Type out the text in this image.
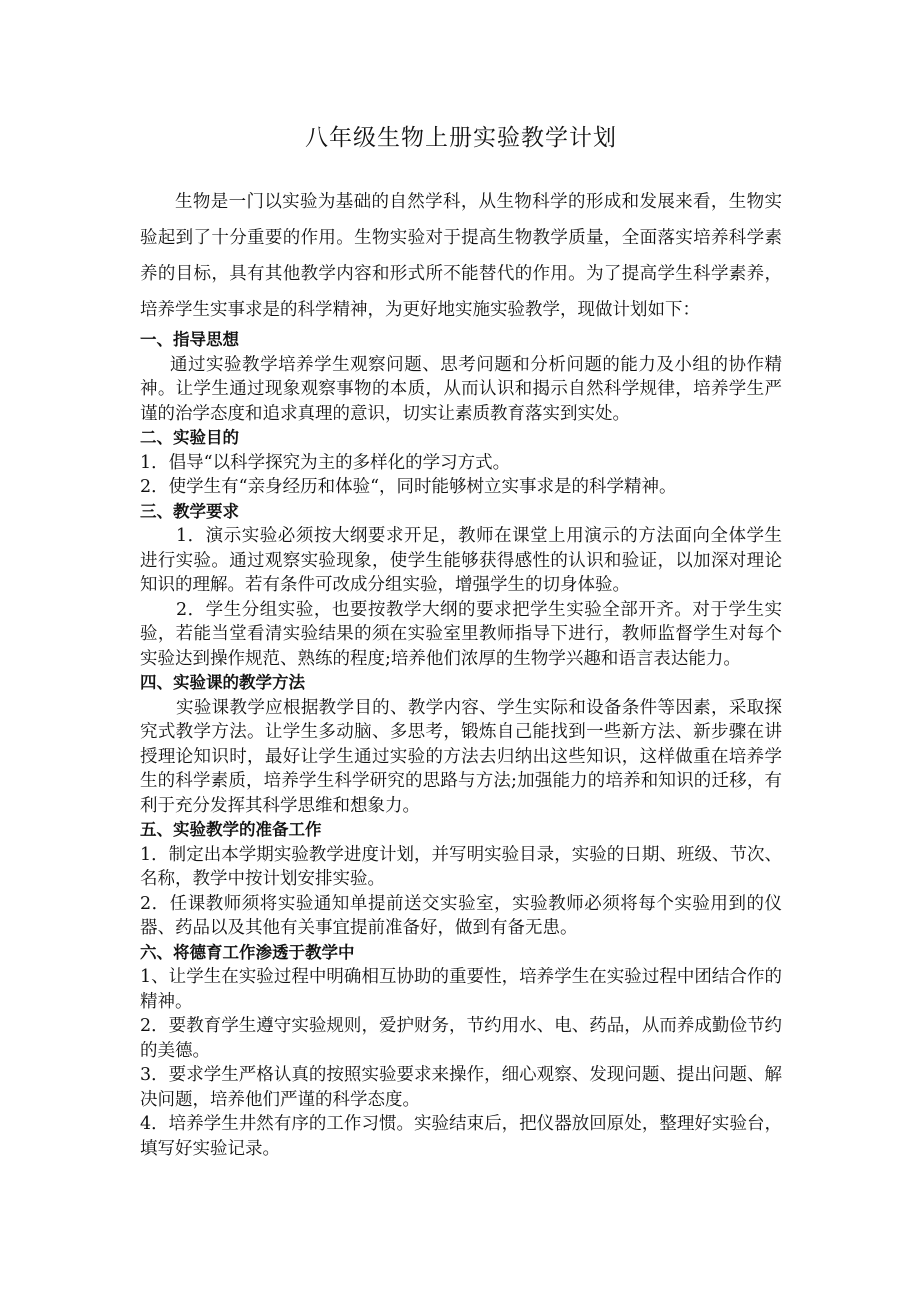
八年级生物上册实验教学计划

生物是一门以实验为基础的自然学科，从生物科学的形成和发展来看，生物实验起到了十分重要的作用。生物实验对于提高生物教学质量，全面落实培养科学素养的目标，具有其他教学内容和形式所不能替代的作用。为了提高学生科学素养，培养学生实事求是的科学精神，为更好地实施实验教学，现做计划如下：

一、指导思想

通过实验教学培养学生观察问题、思考问题和分析问题的能力及小组的协作精神。让学生通过现象观察事物的本质，从而认识和揭示自然科学规律，培养学生严谨的治学态度和追求真理的意识，切实让素质教育落实到实处。

二、实验目的

1．倡导“以科学探究为主的多样化的学习方式。

2．使学生有“亲身经历和体验“，同时能够树立实事求是的科学精神。

三、教学要求

1．演示实验必须按大纲要求开足，教师在课堂上用演示的方法面向全体学生进行实验。通过观察实验现象，使学生能够获得感性的认识和验证，以加深对理论知识的理解。若有条件可改成分组实验，增强学生的切身体验。

2．学生分组实验，也要按教学大纲的要求把学生实验全部开齐。对于学生实验，若能当堂看清实验结果的须在实验室里教师指导下进行，教师监督学生对每个实验达到操作规范、熟练的程度;培养他们浓厚的生物学兴趣和语言表达能力。

四、实验课的教学方法

实验课教学应根据教学目的、教学内容、学生实际和设备条件等因素，采取探究式教学方法。让学生多动脑、多思考，锻炼自己能找到一些新方法、新步骤在讲授理论知识时，最好让学生通过实验的方法去归纳出这些知识，这样做重在培养学生的科学素质，培养学生科学研究的思路与方法;加强能力的培养和知识的迁移，有利于充分发挥其科学思维和想象力。

五、实验教学的准备工作

1．制定出本学期实验教学进度计划，并写明实验目录，实验的日期、班级、节次、名称，教学中按计划安排实验。

2．任课教师须将实验通知单提前送交实验室，实验教师必须将每个实验用到的仪器、药品以及其他有关事宜提前准备好，做到有备无患。

六、将德育工作渗透于教学中

1、让学生在实验过程中明确相互协助的重要性，培养学生在实验过程中团结合作的精神。

2．要教育学生遵守实验规则，爱护财务，节约用水、电、药品，从而养成勤俭节约的美德。

3．要求学生严格认真的按照实验要求来操作，细心观察、发现问题、提出问题、解决问题，培养他们严谨的科学态度。

4．培养学生井然有序的工作习惯。实验结束后，把仪器放回原处，整理好实验台，填写好实验记录。
